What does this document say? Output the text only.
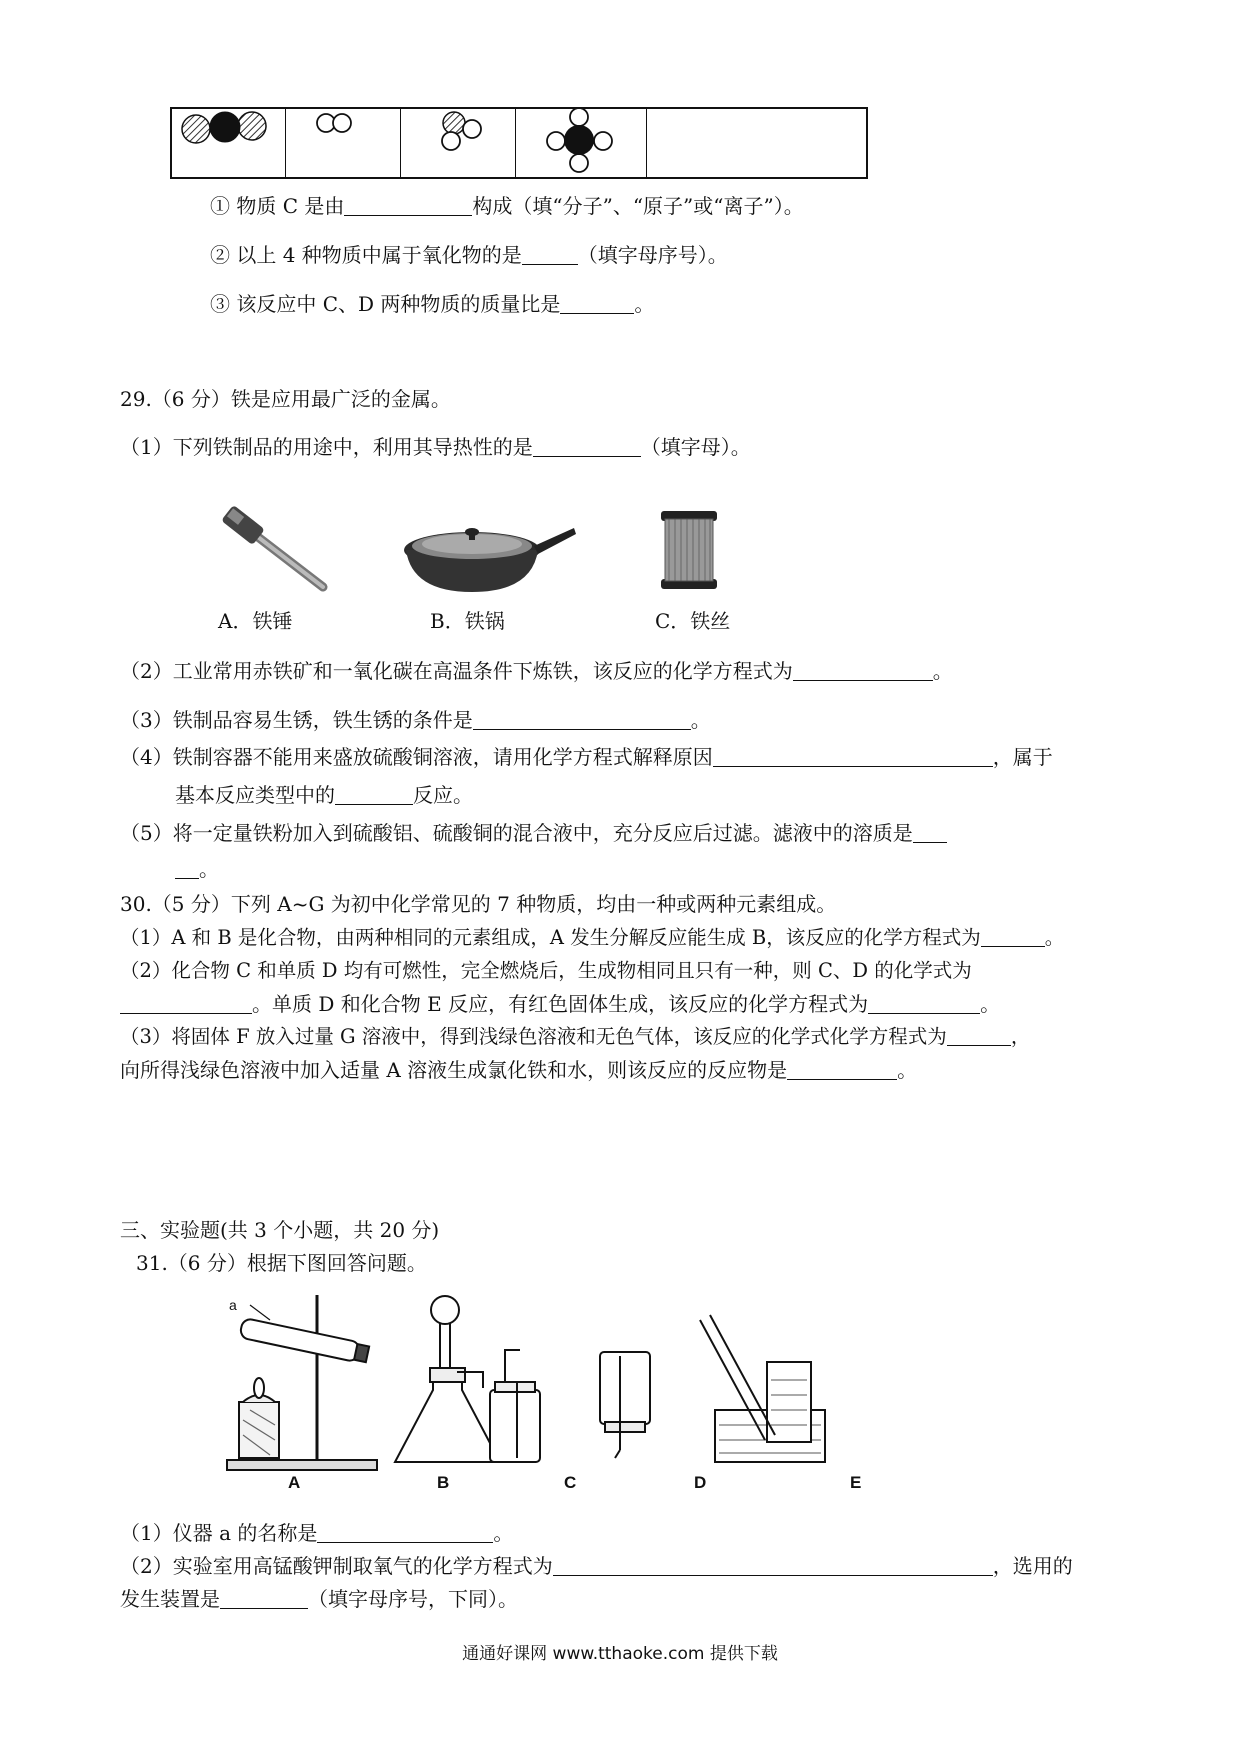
① 物质 C 是由	构成（填“分子”、“原子”或“离子”）。
② 以上 4 种物质中属于氧化物的是	（填字母序号）。
③ 该反应中 C、D 两种物质的质量比是	。
29.（6 分）铁是应用最广泛的金属。
（1）下列铁制品的用途中，利用其导热性的是	（填字母）。
A．铁锤	B．铁锅	C．铁丝
（2）工业常用赤铁矿和一氧化碳在高温条件下炼铁，该反应的化学方程式为	。
（3）铁制品容易生锈，铁生锈的条件是	。
（4）铁制容器不能用来盛放硫酸铜溶液，请用化学方程式解释原因	，属于
基本反应类型中的	反应。
（5）将一定量铁粉加入到硫酸铝、硫酸铜的混合液中，充分反应后过滤。滤液中的溶质是
。
30.（5 分）下列 A~G 为初中化学常见的 7 种物质，均由一种或两种元素组成。
（1）A 和 B 是化合物，由两种相同的元素组成，A 发生分解反应能生成 B，该反应的化学方程式为	。
（2）化合物 C 和单质 D 均有可燃性，完全燃烧后，生成物相同且只有一种，则 C、D 的化学式为
。单质 D 和化合物 E 反应，有红色固体生成，该反应的化学方程式为	。
（3）将固体 F 放入过量 G 溶液中，得到浅绿色溶液和无色气体，该反应的化学式化学方程式为	，
向所得浅绿色溶液中加入适量 A 溶液生成氯化铁和水，则该反应的反应物是	。
三、实验题(共 3 个小题，共 20 分)
31.（6 分）根据下图回答问题。
A	B	C	D	E
a
（1）仪器 a 的名称是	。
（2）实验室用高锰酸钾制取氧气的化学方程式为	，选用的
发生装置是	（填字母序号，下同）。
通通好课网 www.tthaoke.com 提供下载
